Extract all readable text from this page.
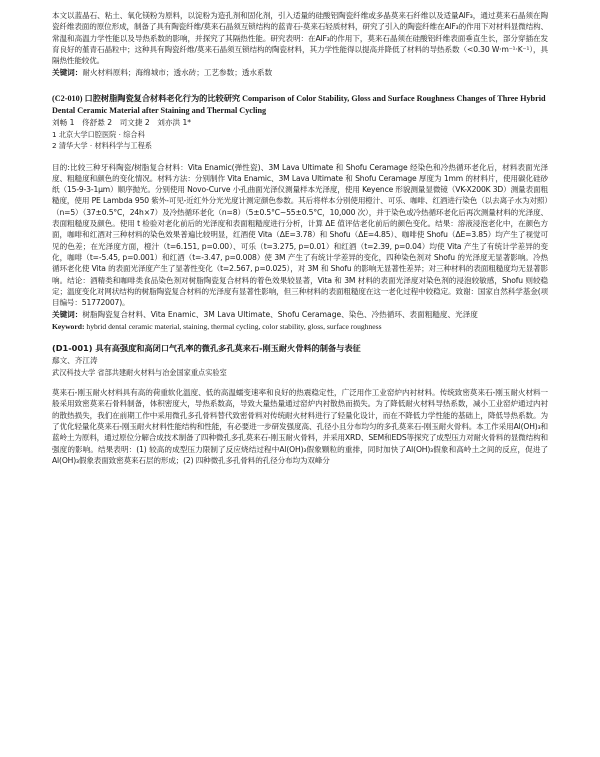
本文以蓝晶石、粘土、氧化镁粉为原料，以淀粉为造孔剂和固化剂，引入适量的硅酸铝陶瓷纤维或多晶莫来石纤维以及适量AlF₃，通过莫来石晶须在陶瓷纤维表面的原位形成，制备了具有陶瓷纤维/莫来石晶须互锁结构的蓝青石-莫来石轻质材料，研究了引入的陶瓷纤维在AlF₃的作用下对材料显微结构、常温和高温力学性能以及导热系数的影响，并探究了其隔热性能。研究表明：在AlF₃的作用下，莫来石晶须在硅酸铝纤维表面垂直生长，部分穿插在发育良好的堇青石晶粒中；这种具有陶瓷纤维/莫来石晶须互锁结构的陶瓷材料，其力学性能得以提高并降低了材料的导热系数（<0.30 W·m⁻¹·K⁻¹），具隔热性能较优。

关键词：耐火材料原料；海绵城市；透水砖；工艺参数；透水系数
(C2-010) 口腔树脂陶瓷复合材料老化行为的比较研究 Comparison of Color Stability, Gloss and Surface Roughness Changes of Three Hybrid Dental Ceramic Material after Staining and Thermal Cycling
刘畅 1　佟舒悬 2　司文捷 2　刘亦洪 1*
1 北京大学口腔医院 · 综合科
2 清华大学 · 材料科学与工程系

目的:比较三种牙科陶瓷/树脂复合材料：Vita Enamic(弹性瓷)、3M Lava Ultimate 和 Shofu Ceramage 经染色和冷热循环老化后，材料表面光泽度、粗糙度和颜色的变化情况。材料方法：分别制作 Vita Enamic、3M Lava Ultimate 和 Shofu Ceramage 厚度为 1mm 的材料片，使用碳化硅砂纸（15-9-3-1μm）顺序抛光。分别使用 Novo-Curve 小孔曲面光泽仪测量样本光泽度，使用 Keyence 形貌测量显微镜（VK-X200K 3D）测量表面粗糙度，使用 PE Lambda 950 紫外-可见-近红外分光光度计测定颜色参数。其后将样本分别使用橙汁、可乐、咖啡、红酒进行染色（以去离子水为对照）（n=5）（37±0.5°C，24h×7）及冷热循环老化（n=8）（5±0.5°C~55±0.5°C，10,000 次），并于染色或冷热循环老化后再次测量材料的光泽度、表面粗糙度及颜色。使用 t 检验对老化前后的光泽度和表面粗糙度进行分析，计算 ΔE 值评估老化前后的颜色变化。结果：溶液浸泡老化中，在颜色方面，咖啡和红酒对三种材料的染色效果普遍比较明显，红酒使 Vita（ΔE=3.78）和 Shofu（ΔE=4.85）、咖啡使 Shofu（ΔE=3.85）均产生了视觉可见的色差；在光泽度方面，橙汁（t=6.151, p=0.00）、可乐（t=3.275, p=0.01）和红酒（t=2.39, p=0.04）均使 Vita 产生了有统计学差异的变化，咖啡（t=-5.45, p=0.001）和红酒（t=-3.47, p=0.008）使 3M 产生了有统计学差异的变化，四种染色剂对 Shofu 的光泽度无显著影响。冷热循环老化使 Vita 的表面光泽度产生了显著性变化（t=2.567, p=0.025），对 3M 和 Shofu 的影响无显著性差异；对三种材料的表面粗糙度均无显著影响。结论：酒精类和咖啡类食品染色剂对树脂陶瓷复合材料的着色效果较显著，Vita 和 3M 材料的表面光泽度对染色剂的浸泡较敏感，Shofu 则较稳定；温度变化对网状结构的树脂陶瓷复合材料的光泽度有显著性影响，但三种材料的表面粗糙度在这一老化过程中较稳定。致谢：国家自然科学基金(项目编号：51772007)。

关键词：树脂陶瓷复合材料、Vita Enamic、3M Lava Ultimate、Shofu Ceramage、染色、冷热循环、表面粗糙度、光泽度
Keyword: hybrid dental ceramic material, staining, thermal cycling, color stability, gloss, surface roughness
(D1-001) 具有高强度和高闭口气孔率的微孔多孔莫来石-刚玉耐火骨料的制备与表征
鄢文、齐江涛
武汉科技大学 省部共建耐火材料与冶金国家重点实验室

莫来石-刚玉耐火材料具有高的荷重软化温度、低的高温蠕变速率和良好的热震稳定性，广泛用作工业窑炉内衬材料。传统致密莫来石-刚玉耐火材料一般采用致密莫来石骨料制备，体积密度大，导热系数高，导致大量热量通过窑炉内衬散热而损失。为了降低耐火材料导热系数，减小工业窑炉通过内衬的散热损失，我们在前期工作中采用微孔多孔骨料替代致密骨料对传统耐火材料进行了轻量化设计，而在不降低力学性能的基础上，降低导热系数。为了优化轻量化莫来石-刚玉耐火材料性能结构和性能，有必要进一步研发强度高、孔径小且分布均匀的多孔莫来石-刚玉耐火骨料。本工作采用Al(OH)₃和蓝岭土为原料，通过原位分解合成技术制备了四种微孔多孔莫来石-刚玉耐火骨料，并采用XRD、SEM和EDS等探究了成型压力对耐火骨料的显微结构和强度的影响。结果表明：(1) 较高的成型压力限制了反应烧结过程中Al(OH)₃假象颗粒的重排，同时加快了Al(OH)₃假象和高岭土之间的反应，促进了Al(OH)₃假象表面致密莫来石层的形成；(2) 四种微孔多孔骨料的孔径分布均为双峰分
